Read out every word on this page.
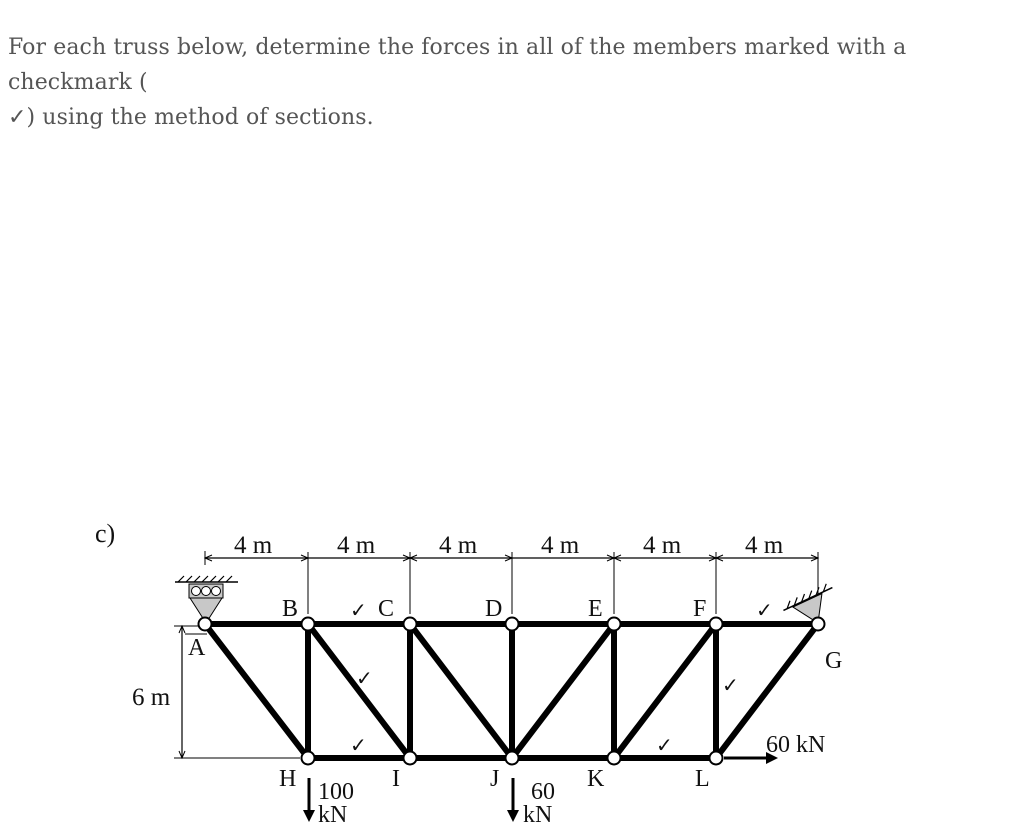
For each truss below, determine the forces in all of the members marked with a checkmark (
✓) using the method of sections.
c)	4 m	4 m	4 m	4 m	4 m	4 m
6 m
A
B	C	D	E	F
G
H	I	J	K	L
✓
✓
✓
✓
✓
✓
100
kN
60
kN
60 kN
